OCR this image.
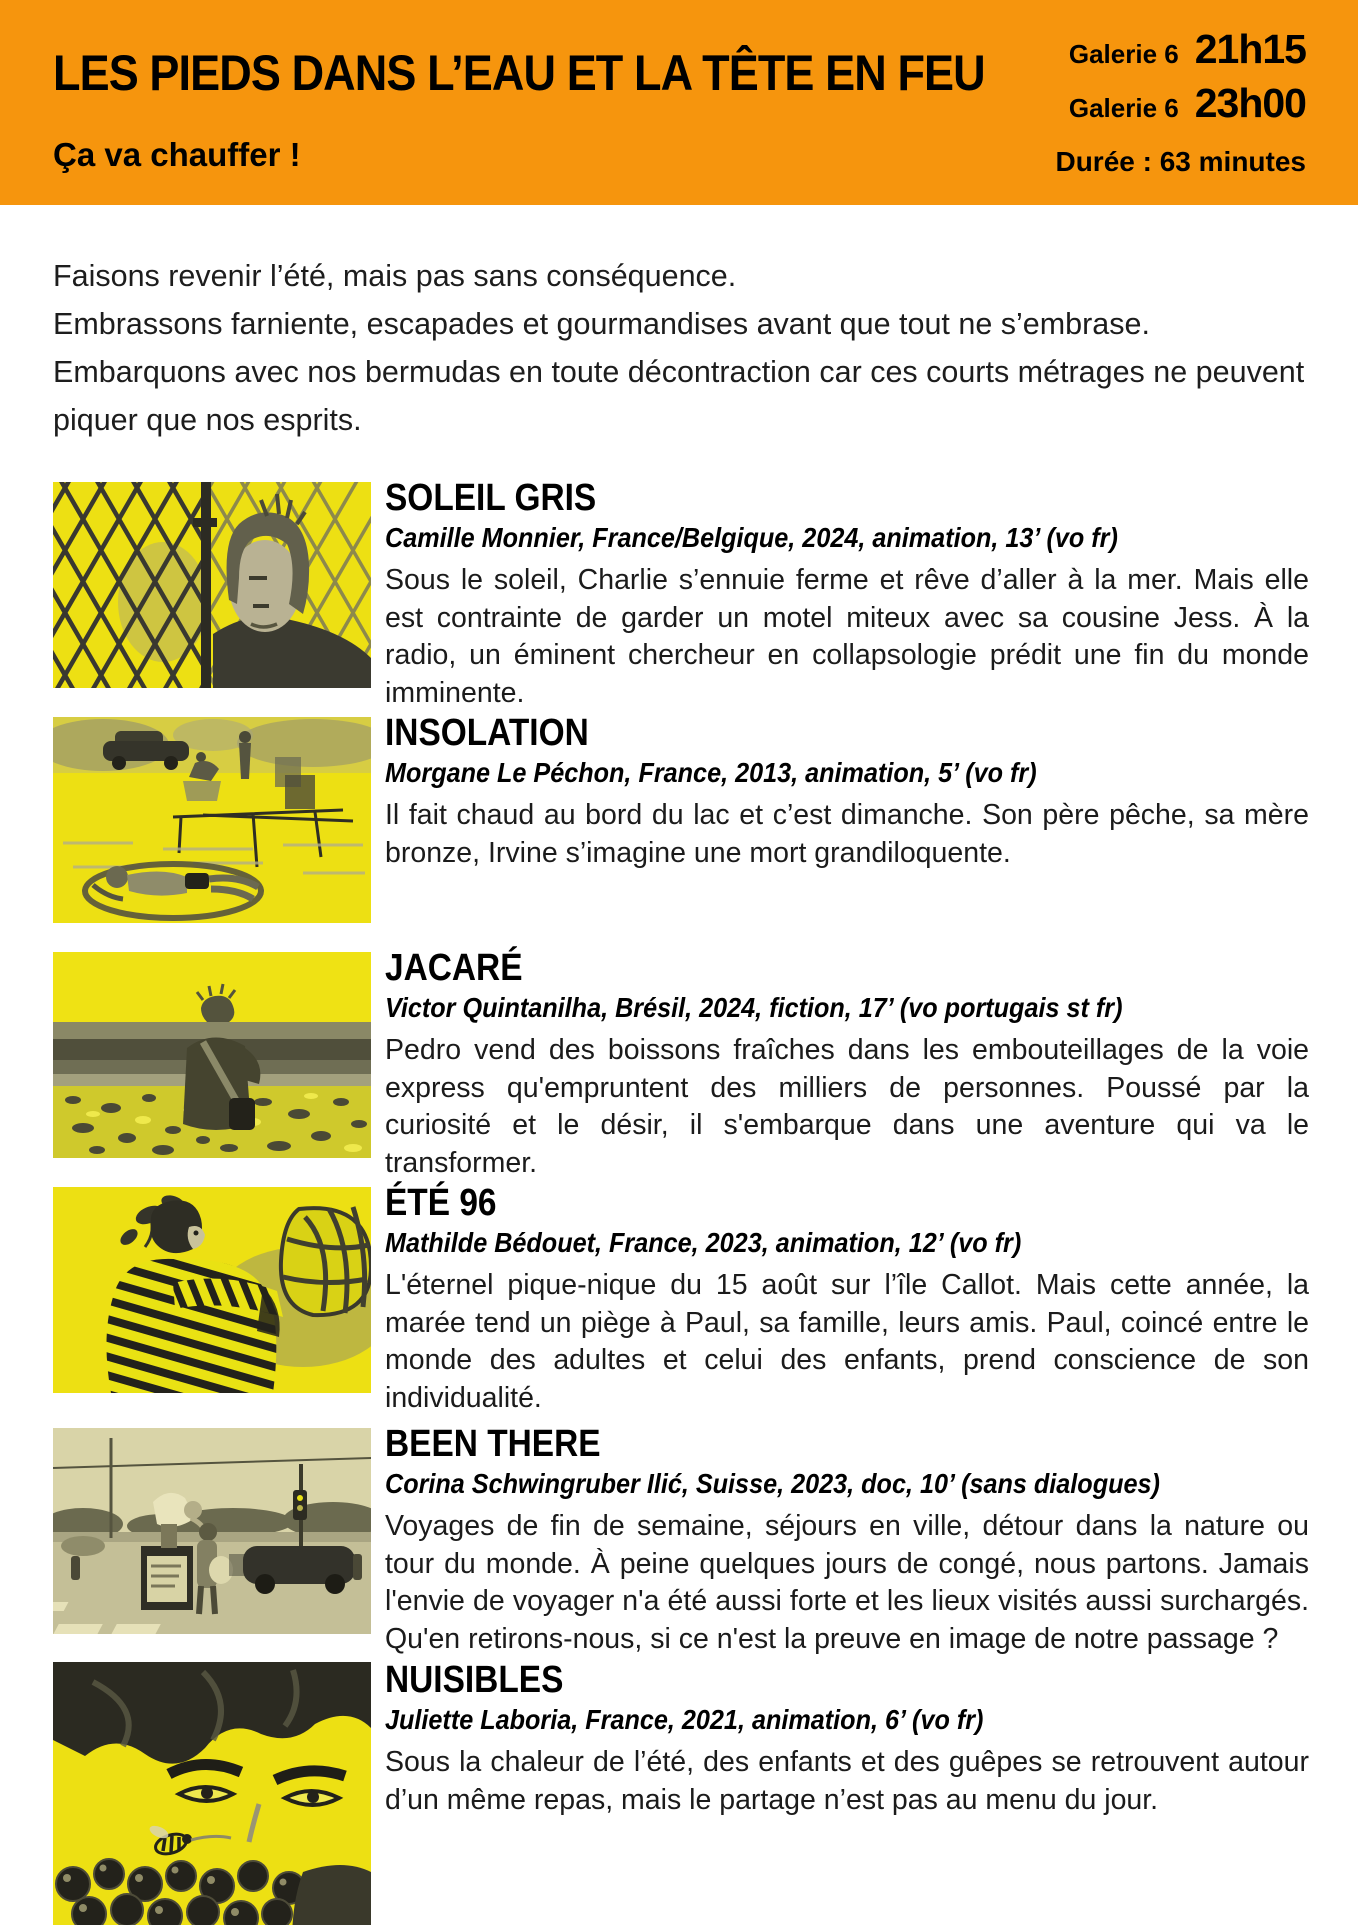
LES PIEDS DANS L’EAU ET LA TÊTE EN FEU
Ça va chauffer !
Galerie 6 21h15
Galerie 6 23h00
Durée : 63 minutes
Faisons revenir l’été, mais pas sans conséquence.
Embrassons farniente, escapades et gourmandises avant que tout ne s’embrase.
Embarquons avec nos bermudas en toute décontraction car ces courts métrages ne peuvent piquer que nos esprits.
SOLEIL GRIS
Camille Monnier, France/Belgique, 2024, animation, 13’ (vo fr)
Sous le soleil, Charlie s’ennuie ferme et rêve d’aller à la mer. Mais elle est contrainte de garder un motel miteux avec sa cousine Jess. À la radio, un éminent chercheur en collapsologie prédit une fin du monde imminente.
INSOLATION
Morgane Le Péchon, France, 2013, animation, 5’ (vo fr)
Il fait chaud au bord du lac et c’est dimanche. Son père pêche, sa mère bronze, Irvine s’imagine une mort grandiloquente.
JACARÉ
Victor Quintanilha, Brésil, 2024, fiction, 17’ (vo portugais st fr)
Pedro vend des boissons fraîches dans les embouteillages de la voie express qu'empruntent des milliers de personnes. Poussé par la curiosité et le désir, il s'embarque dans une aventure qui va le transformer.
ÉTÉ 96
Mathilde Bédouet, France, 2023, animation, 12’ (vo fr)
L'éternel pique-nique du 15 août sur l’île Callot. Mais cette année, la marée tend un piège à Paul, sa famille, leurs amis. Paul, coincé entre le monde des adultes et celui des enfants, prend conscience de son individualité.
BEEN THERE
Corina Schwingruber Ilić, Suisse, 2023, doc, 10’ (sans dialogues)
Voyages de fin de semaine, séjours en ville, détour dans la nature ou tour du monde. À peine quelques jours de congé, nous partons. Jamais l'envie de voyager n'a été aussi forte et les lieux visités aussi surchargés. Qu'en retirons-nous, si ce n'est la preuve en image de notre passage ?
NUISIBLES
Juliette Laboria, France, 2021, animation, 6’ (vo fr)
Sous la chaleur de l’été, des enfants et des guêpes se retrouvent autour d’un même repas, mais le partage n’est pas au menu du jour.
